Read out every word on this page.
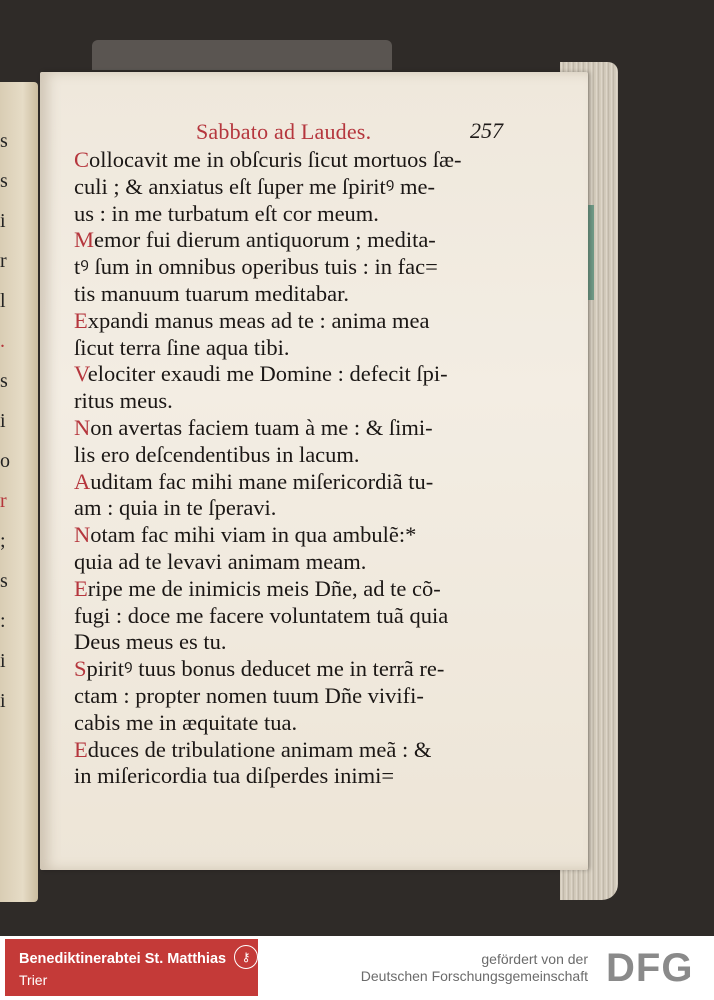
s
s
i
r
l
.
s
i
o
r
;
s
:
i
i
Sabbato ad Laudes.	257
Collocavit me in obſcuris ſicut mortuos ſæ-
culi ; & anxiatus eſt ſuper me ſpiritꝰ me-
us : in me turbatum eſt cor meum.
Memor fui dierum antiquorum ; medita-
tꝰ ſum in omnibus operibus tuis : in fac=
tis manuum tuarum meditabar.
Expandi manus meas ad te : anima mea
ſicut terra ſine aqua tibi.
Velociter exaudi me Domine : defecit ſpi-
ritus meus.
Non avertas faciem tuam à me : & ſimi-
lis ero deſcendentibus in lacum.
Auditam fac mihi mane miſericordiã tu-
am : quia in te ſperavi.
Notam fac mihi viam in qua ambulẽ:*
quia ad te levavi animam meam.
Eripe me de inimicis meis Dñe, ad te cõ-
fugi : doce me facere voluntatem tuã quia
Deus meus es tu.
Spiritꝰ tuus bonus deducet me in terrã re-
ctam : propter nomen tuum Dñe vivifi-
cabis me in æquitate tua.
Educes de tribulatione animam meã : &
in miſericordia tua diſperdes inimi=
Benediktinerabtei St. Matthias
Trier
⚷	gefördert von der
Deutschen Forschungsgemeinschaft DFG
